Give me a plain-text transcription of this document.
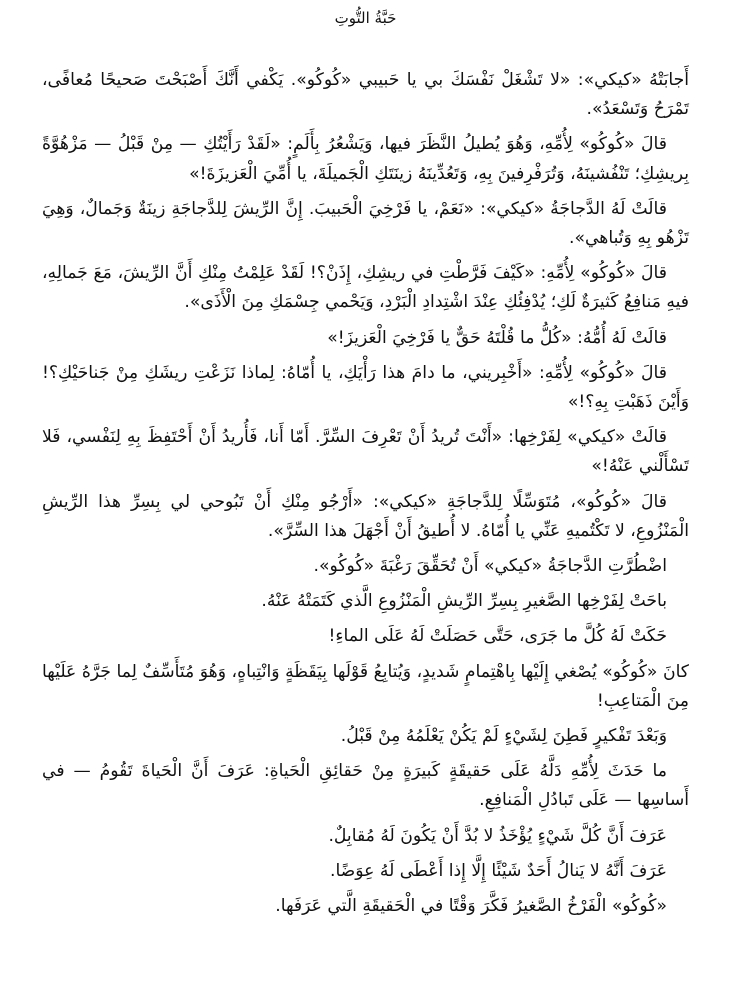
حَبَّةُ التُّوتِ

أَجابَتْهُ «كيكي»: «لا تَشْغَلْ نَفْسَكَ بي يا حَبيبي «كُوكُو». يَكْفي أَنَّكَ أَصْبَحْتَ صَحيحًا مُعافًى، تَمْرَحُ وَتَسْعَدُ».

قالَ «كُوكُو» لِأُمِّهِ، وَهُوَ يُطيلُ النَّظَرَ فيها، وَيَشْعُرُ بِأَلَمٍ: «لَقَدْ رَأَيْتُكِ — مِنْ قَبْلُ — مَزْهُوَّةً بِريشِكِ؛ تَنْفُشينَهُ، وَتُرَفْرِفينَ بِهِ، وَتَعُدِّينَهُ زينَتَكِ الْجَميلَةَ، يا أُمِّيَ الْعَزيزَةَ!»

قالَتْ لَهُ الدَّجاجَةُ «كيكي»: «نَعَمْ، يا فَرْخِيَ الْحَبيبَ. إِنَّ الرِّيشَ لِلدَّجاجَةِ زينَةٌ وَجَمالٌ، وَهِيَ تَزْهُو بِهِ وَتُباهي».

قالَ «كُوكُو» لِأُمِّهِ: «كَيْفَ فَرَّطْتِ في ريشِكِ، إِذَنْ؟! لَقَدْ عَلِمْتُ مِنْكِ أَنَّ الرِّيشَ، مَعَ جَمالِهِ، فيهِ مَنافِعُ كَثيرَةٌ لَكِ؛ يُدْفِئُكِ عِنْدَ اشْتِدادِ الْبَرْدِ، وَيَحْمي جِسْمَكِ مِنَ الْأَذَى».

قالَتْ لَهُ أُمُّهُ: «كُلُّ ما قُلْتَهُ حَقٌّ يا فَرْخِيَ الْعَزيزَ!»

قالَ «كُوكُو» لِأُمِّهِ: «أَخْبِريني، ما دامَ هذا رَأْيَكِ، يا أُمّاهُ: لِماذا نَزَعْتِ ريشَكِ مِنْ جَناحَيْكِ؟! وَأَيْنَ ذَهَبْتِ بِهِ؟!»

قالَتْ «كيكي» لِفَرْخِها: «أَنْتَ تُريدُ أَنْ تَعْرِفَ السِّرَّ. أَمّا أَنا، فَأُريدُ أَنْ أَحْتَفِظَ بِهِ لِنَفْسي، فَلا تَسْأَلْني عَنْهُ!»

قالَ «كُوكُو»، مُتَوَسِّلًا لِلدَّجاجَةِ «كيكي»: «أَرْجُو مِنْكِ أَنْ تَبُوحي لي بِسِرِّ هذا الرِّيشِ الْمَنْزُوعِ، لا تَكْتُميهِ عَنِّي يا أُمّاهُ. لا أُطيقُ أَنْ أَجْهَلَ هذا السِّرَّ».

اضْطُرَّتِ الدَّجاجَةُ «كيكي» أَنْ تُحَقِّقَ رَغْبَةَ «كُوكُو».

باحَتْ لِفَرْخِها الصَّغيرِ بِسِرِّ الرِّيشِ الْمَنْزُوعِ الَّذي كَتَمَتْهُ عَنْهُ.

حَكَتْ لَهُ كُلَّ ما جَرَى، حَتَّى حَصَلَتْ لَهُ عَلَى الماءِ!

كانَ «كُوكُو» يُصْغي إِلَيْها بِاهْتِمامٍ شَديدٍ، وَيُتابِعُ قَوْلَها بِيَقَظَةٍ وَانْتِباهٍ، وَهُوَ مُتَأَسِّفٌ لِما جَرَّهُ عَلَيْها مِنَ الْمَتاعِبِ!

وَبَعْدَ تَفْكيرٍ فَطِنَ لِشَيْءٍ لَمْ يَكُنْ يَعْلَمُهُ مِنْ قَبْلُ.

ما حَدَثَ لِأُمِّهِ دَلَّهُ عَلَى حَقيقَةٍ كَبيرَةٍ مِنْ حَقائِقِ الْحَياةِ: عَرَفَ أَنَّ الْحَياةَ تَقُومُ — في أَساسِها — عَلَى تَبادُلِ الْمَنافِعِ.

عَرَفَ أَنَّ كُلَّ شَيْءٍ يُؤْخَذُ لا بُدَّ أَنْ يَكُونَ لَهُ مُقابِلٌ.

عَرَفَ أَنَّهُ لا يَنالُ أَحَدٌ شَيْئًا إِلَّا إِذا أَعْطَى لَهُ عِوَضًا.

«كُوكُو» الْفَرْخُ الصَّغيرُ فَكَّرَ وَقْتًا في الْحَقيقَةِ الَّتي عَرَفَها.
